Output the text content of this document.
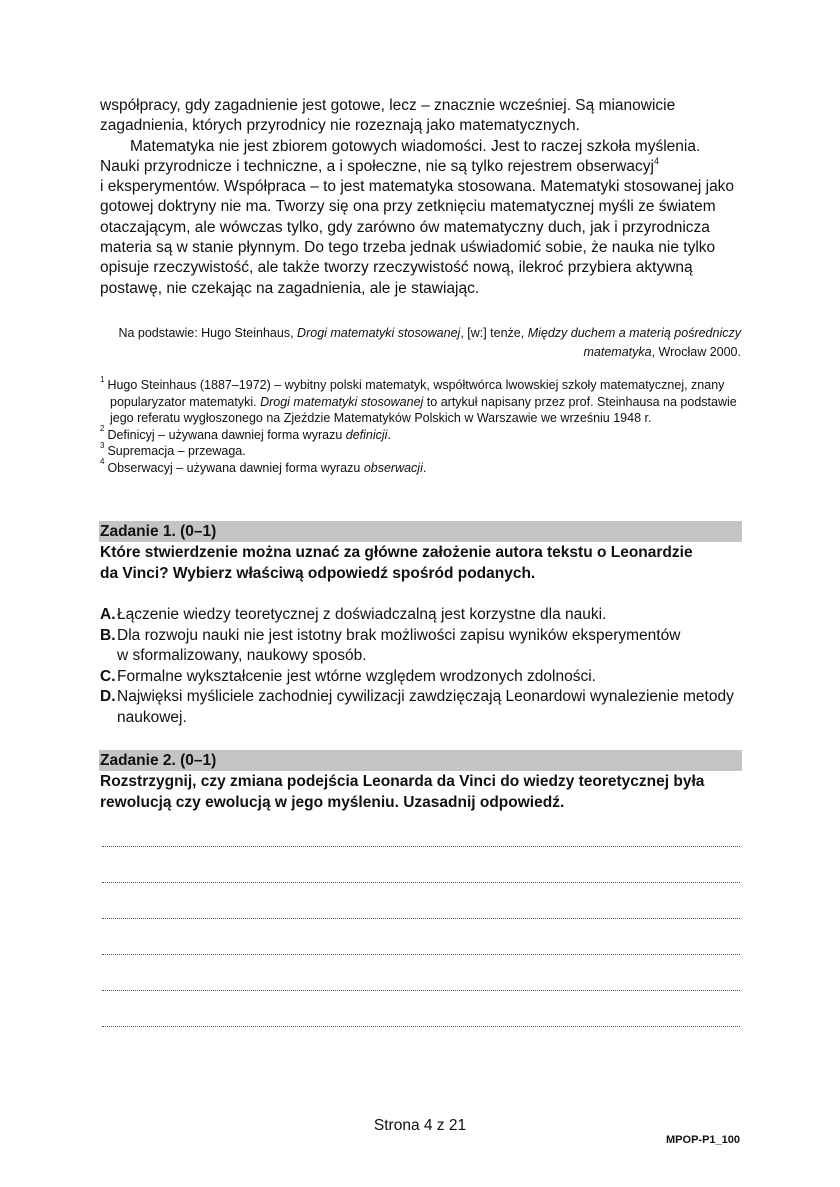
współpracy, gdy zagadnienie jest gotowe, lecz – znacznie wcześniej. Są mianowicie
zagadnienia, których przyrodnicy nie rozeznają jako matematycznych.

Matematyka nie jest zbiorem gotowych wiadomości. Jest to raczej szkoła myślenia.
Nauki przyrodnicze i techniczne, a i społeczne, nie są tylko rejestrem obserwacyj$^4$
i eksperymentów. Współpraca – to jest matematyka stosowana. Matematyki stosowanej jako
gotowej doktryny nie ma. Tworzy się ona przy zetknięciu matematycznej myśli ze światem
otaczającym, ale wówczas tylko, gdy zarówno ów matematyczny duch, jak i przyrodnicza
materia są w stanie płynnym. Do tego trzeba jednak uświadomić sobie, że nauka nie tylko
opisuje rzeczywistość, ale także tworzy rzeczywistość nową, ilekroć przybiera aktywną
postawę, nie czekając na zagadnienia, ale je stawiając.

Na podstawie: Hugo Steinhaus, Drogi matematyki stosowanej, [w:] tenże, Między duchem a materią pośredniczy
matematyka, Wrocław 2000.

$^1$ Hugo Steinhaus (1887–1972) – wybitny polski matematyk, współtwórca lwowskiej szkoły matematycznej, znany popularyzator matematyki. Drogi matematyki stosowanej to artykuł napisany przez prof. Steinhausa na podstawie jego referatu wygłoszonego na Zjeździe Matematyków Polskich w Warszawie we wrześniu 1948 r.
$^2$ Definicyj – używana dawniej forma wyrazu definicji.
$^3$ Supremacja – przewaga.
$^4$ Obserwacyj – używana dawniej forma wyrazu obserwacji.
Zadanie 1. (0–1)

Które stwierdzenie można uznać za główne założenie autora tekstu o Leonardzie

da Vinci? Wybierz właściwą odpowiedź spośród podanych.

A. Łączenie wiedzy teoretycznej z doświadczalną jest korzystne dla nauki.

B. Dla rozwoju nauki nie jest istotny brak możliwości zapisu wyników eksperymentów

w sformalizowany, naukowy sposób.

C. Formalne wykształcenie jest wtórne względem wrodzonych zdolności.

D. Najwięksi myśliciele zachodniej cywilizacji zawdzięczają Leonardowi wynalezienie metody

naukowej.

Zadanie 2. (0–1)

Rozstrzygnij, czy zmiana podejścia Leonarda da Vinci do wiedzy teoretycznej była

rewolucją czy ewolucją w jego myśleniu. Uzasadnij odpowiedź.

Strona 4 z 21
MPOP-P1_100
